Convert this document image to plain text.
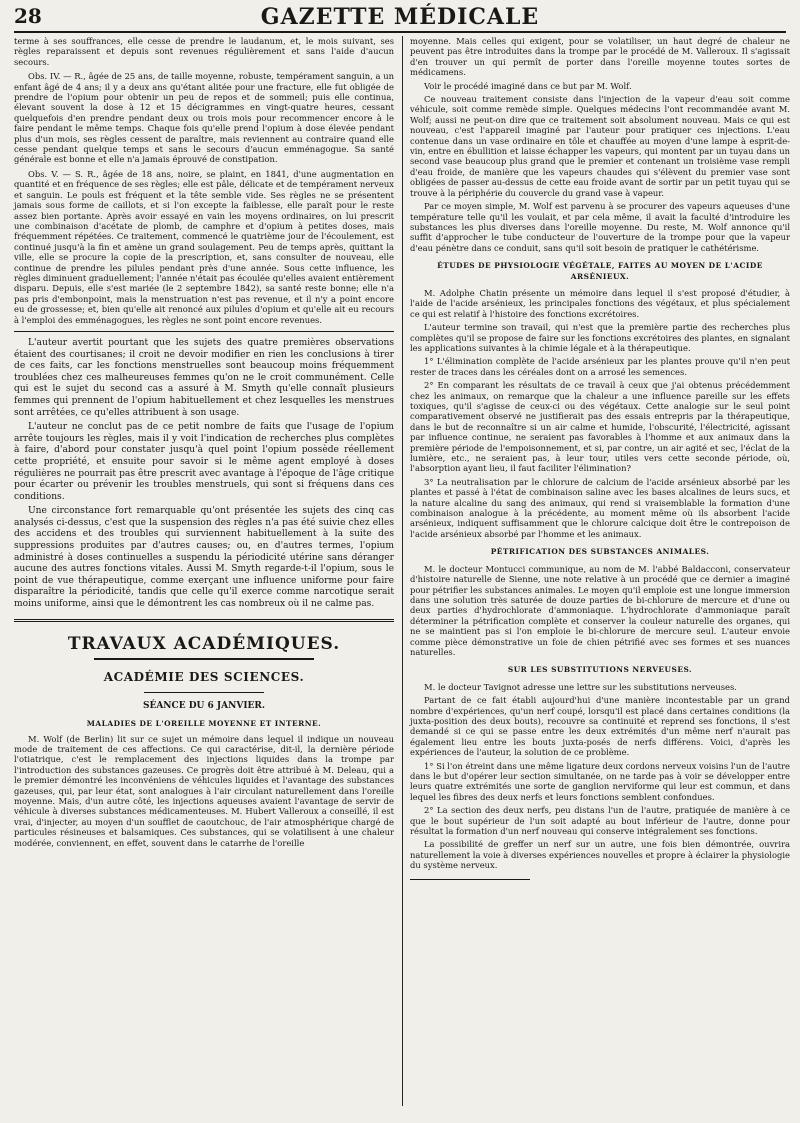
28	GAZETTE MÉDICALE

terme à ses souffrances, elle cesse de prendre le laudanum, et, le mois suivant, ses règles reparaissent et depuis sont revenues régulièrement et sans l'aide d'aucun secours.

Obs. IV. — R., âgée de 25 ans, de taille moyenne, robuste, tempérament sanguin, a un enfant âgé de 4 ans; il y a deux ans qu'étant alitée pour une fracture, elle fut obligée de prendre de l'opium pour obtenir un peu de repos et de sommeil; puis elle continua, élevant souvent la dose à 12 et 15 décigrammes en vingt-quatre heures, cessant quelquefois d'en prendre pendant deux ou trois mois pour recommencer encore à le faire pendant le même temps. Chaque fois qu'elle prend l'opium à dose élevée pendant plus d'un mois, ses règles cessent de paraître, mais reviennent au contraire quand elle cesse pendant quelque temps et sans le secours d'aucun emménagogue. Sa santé générale est bonne et elle n'a jamais éprouvé de constipation.

Obs. V. — S. R., âgée de 18 ans, noire, se plaint, en 1841, d'une augmentation en quantité et en fréquence de ses règles; elle est pâle, délicate et de tempérament nerveux et sanguin. Le pouls est fréquent et la tête semble vide. Ses règles ne se présentent jamais sous forme de caillots, et si l'on excepte la faiblesse, elle paraît pour le reste assez bien portante. Après avoir essayé en vain les moyens ordinaires, on lui prescrit une combinaison d'acétate de plomb, de camphre et d'opium à petites doses, mais fréquemment répétées. Ce traitement, commencé le quatrième jour de l'écoulement, est continué jusqu'à la fin et amène un grand soulagement. Peu de temps après, quittant la ville, elle se procure la copie de la prescription, et, sans consulter de nouveau, elle continue de prendre les pilules pendant près d'une année. Sous cette influence, les règles diminuent graduellement; l'année n'était pas écoulée qu'elles avaient entièrement disparu. Depuis, elle s'est mariée (le 2 septembre 1842), sa santé reste bonne; elle n'a pas pris d'embonpoint, mais la menstruation n'est pas revenue, et il n'y a point encore eu de grossesse; et, bien qu'elle ait renoncé aux pilules d'opium et qu'elle ait eu recours à l'emploi des emménagogues, les règles ne sont point encore revenues.

L'auteur avertit pourtant que les sujets des quatre premières observations étaient des courtisanes; il croit ne devoir modifier en rien les conclusions à tirer de ces faits, car les fonctions menstruelles sont beaucoup moins fréquemment troublées chez ces malheureuses femmes qu'on ne le croit communément. Celle qui est le sujet du second cas a assuré à M. Smyth qu'elle connaît plusieurs femmes qui prennent de l'opium habituellement et chez lesquelles les menstrues sont arrêtées, ce qu'elles attribuent à son usage.

L'auteur ne conclut pas de ce petit nombre de faits que l'usage de l'opium arrête toujours les règles, mais il y voit l'indication de recherches plus complètes à faire, d'abord pour constater jusqu'à quel point l'opium possède réellement cette propriété, et ensuite pour savoir si le même agent employé à doses régulières ne pourrait pas être prescrit avec avantage à l'époque de l'âge critique pour écarter ou prévenir les troubles menstruels, qui sont si fréquens dans ces conditions.

Une circonstance fort remarquable qu'ont présentée les sujets des cinq cas analysés ci-dessus, c'est que la suspension des règles n'a pas été suivie chez elles des accidens et des troubles qui surviennent habituellement à la suite des suppressions produites par d'autres causes; ou, en d'autres termes, l'opium administré à doses continuelles a suspendu la périodicité utérine sans déranger aucune des autres fonctions vitales. Aussi M. Smyth regarde-t-il l'opium, sous le point de vue thérapeutique, comme exerçant une influence uniforme pour faire disparaître la périodicité, tandis que celle qu'il exerce comme narcotique serait moins uniforme, ainsi que le démontrent les cas nombreux où il ne calme pas.

TRAVAUX ACADÉMIQUES.
ACADÉMIE DES SCIENCES.
SÉANCE DU 6 JANVIER.
MALADIES DE L'OREILLE MOYENNE ET INTERNE.

M. Wolf (de Berlin) lit sur ce sujet un mémoire dans lequel il indique un nouveau mode de traitement de ces affections. Ce qui caractérise, dit-il, la dernière période l'otiatrique, c'est le remplacement des injections liquides dans la trompe par l'introduction des substances gazeuses. Ce progrès doit être attribué à M. Deleau, qui a le premier démontré les inconvéniens de véhicules liquides et l'avantage des substances gazeuses, qui, par leur état, sont analogues à l'air circulant naturellement dans l'oreille moyenne. Mais, d'un autre côté, les injections aqueuses avaient l'avantage de servir de véhicule à diverses substances médicamenteuses. M. Hubert Valleroux a conseillé, il est vrai, d'injecter, au moyen d'un soufflet de caoutchouc, de l'air atmosphérique chargé de particules résineuses et balsamiques. Ces substances, qui se volatilisent à une chaleur modérée, conviennent, en effet, souvent dans le catarrhe de l'oreille

moyenne. Mais celles qui exigent, pour se volatiliser, un haut degré de chaleur ne peuvent pas être introduites dans la trompe par le procédé de M. Valleroux. Il s'agissait d'en trouver un qui permît de porter dans l'oreille moyenne toutes sortes de médicamens.

Voir le procédé imaginé dans ce but par M. Wolf.

Ce nouveau traitement consiste dans l'injection de la vapeur d'eau soit comme véhicule, soit comme remède simple. Quelques médecins l'ont recommandée avant M. Wolf; aussi ne peut-on dire que ce traitement soit absolument nouveau. Mais ce qui est nouveau, c'est l'appareil imaginé par l'auteur pour pratiquer ces injections. L'eau contenue dans un vase ordinaire en tôle et chauffée au moyen d'une lampe à esprit-de-vin, entre en ébullition et laisse échapper les vapeurs, qui montent par un tuyau dans un second vase beaucoup plus grand que le premier et contenant un troisième vase rempli d'eau froide, de manière que les vapeurs chaudes qui s'élèvent du premier vase sont obligées de passer au-dessus de cette eau froide avant de sortir par un petit tuyau qui se trouve à la périphérie du couvercle du grand vase à vapeur.

Par ce moyen simple, M. Wolf est parvenu à se procurer des vapeurs aqueuses d'une température telle qu'il les voulait, et par cela même, il avait la faculté d'introduire les substances les plus diverses dans l'oreille moyenne. Du reste, M. Wolf annonce qu'il suffit d'approcher le tube conducteur de l'ouverture de la trompe pour que la vapeur d'eau pénètre dans ce conduit, sans qu'il soit besoin de pratiquer le cathétérisme.

ÉTUDES DE PHYSIOLOGIE VÉGÉTALE, FAITES AU MOYEN DE L'ACIDE ARSÉNIEUX.

M. Adolphe Chatin présente un mémoire dans lequel il s'est proposé d'étudier, à l'aide de l'acide arsénieux, les principales fonctions des végétaux, et plus spécialement ce qui est relatif à l'histoire des fonctions excrétoires.

L'auteur termine son travail, qui n'est que la première partie des recherches plus complètes qu'il se propose de faire sur les fonctions excrétoires des plantes, en signalant les applications suivantes à la chimie légale et à la thérapeutique.

1° L'élimination complète de l'acide arsénieux par les plantes prouve qu'il n'en peut rester de traces dans les céréales dont on a arrosé les semences.

2° En comparant les résultats de ce travail à ceux que j'ai obtenus précédemment chez les animaux, on remarque que la chaleur a une influence pareille sur les effets toxiques, qu'il s'agisse de ceux-ci ou des végétaux. Cette analogie sur le seul point comparativement observé ne justifierait pas des essais entrepris par la thérapeutique, dans le but de reconnaître si un air calme et humide, l'obscurité, l'électricité, agissant par influence continue, ne seraient pas favorables à l'homme et aux animaux dans la première période de l'empoisonnement, et si, par contre, un air agité et sec, l'éclat de la lumière, etc., ne seraient pas, à leur tour, utiles vers cette seconde période, où, l'absorption ayant lieu, il faut faciliter l'élimination?

3° La neutralisation par le chlorure de calcium de l'acide arsénieux absorbé par les plantes et passé à l'état de combinaison saline avec les bases alcalines de leurs sucs, et la nature alcaline du sang des animaux, qui rend si vraisemblable la formation d'une combinaison analogue à la précédente, au moment même où ils absorbent l'acide arsénieux, indiquent suffisamment que le chlorure calcique doit être le contrepoison de l'acide arsénieux absorbé par l'homme et les animaux.

PÉTRIFICATION DES SUBSTANCES ANIMALES.

M. le docteur Montucci communique, au nom de M. l'abbé Baldacconi, conservateur d'histoire naturelle de Sienne, une note relative à un procédé que ce dernier a imaginé pour pétrifier les substances animales. Le moyen qu'il emploie est une longue immersion dans une solution très saturée de douze parties de bi-chlorure de mercure et d'une ou deux parties d'hydrochlorate d'ammoniaque. L'hydrochlorate d'ammoniaque paraît déterminer la pétrification complète et conserver la couleur naturelle des organes, qui ne se maintient pas si l'on emploie le bi-chlorure de mercure seul. L'auteur envoie comme pièce démonstrative un foie de chien pétrifié avec ses formes et ses nuances naturelles.

SUR LES SUBSTITUTIONS NERVEUSES.

M. le docteur Tavignot adresse une lettre sur les substitutions nerveuses.

Partant de ce fait établi aujourd'hui d'une manière incontestable par un grand nombre d'expériences, qu'un nerf coupé, lorsqu'il est placé dans certaines conditions (la juxta-position des deux bouts), recouvre sa continuité et reprend ses fonctions, il s'est demandé si ce qui se passe entre les deux extrémités d'un même nerf n'aurait pas également lieu entre les bouts juxta-posés de nerfs différens. Voici, d'après les expériences de l'auteur, la solution de ce problème.

1° Si l'on étreint dans une même ligature deux cordons nerveux voisins l'un de l'autre dans le but d'opérer leur section simultanée, on ne tarde pas à voir se développer entre leurs quatre extrémités une sorte de ganglion nerviforme qui leur est commun, et dans lequel les fibres des deux nerfs et leurs fonctions semblent confondues.

2° La section des deux nerfs, peu distans l'un de l'autre, pratiquée de manière à ce que le bout supérieur de l'un soit adapté au bout inférieur de l'autre, donne pour résultat la formation d'un nerf nouveau qui conserve intégralement ses fonctions.

La possibilité de greffer un nerf sur un autre, une fois bien démontrée, ouvrira naturellement la voie à diverses expériences nouvelles et propre à éclairer la physiologie du système nerveux.
